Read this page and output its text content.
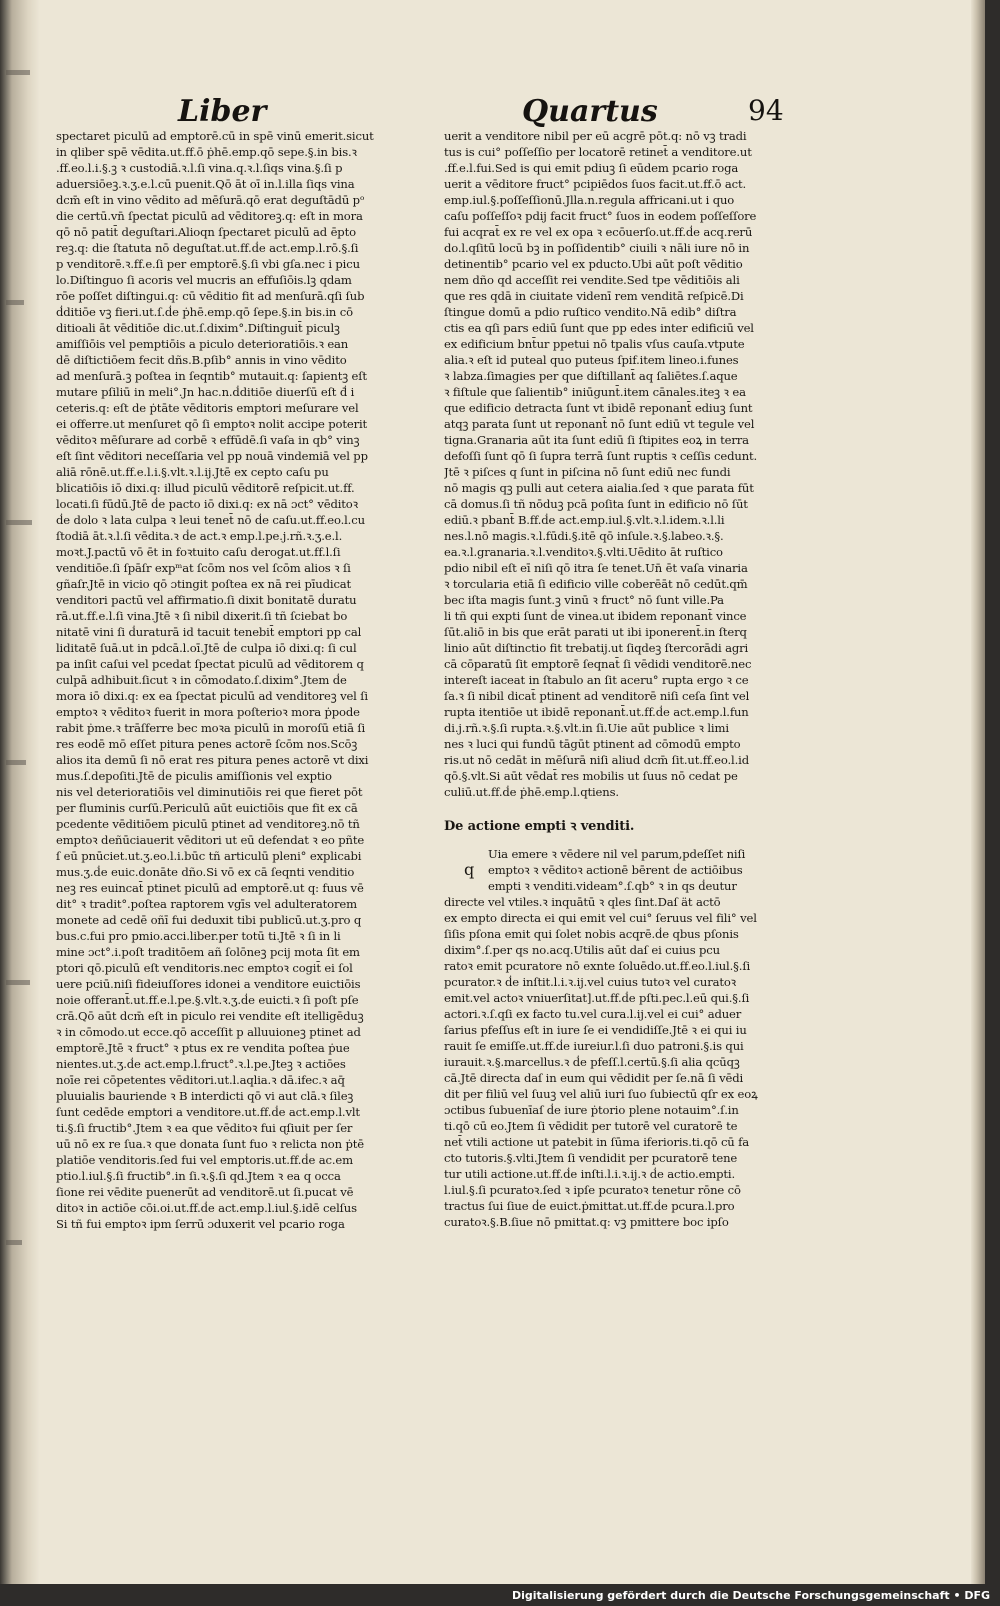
Liber	Quartus	94
spectaret piculū ad emptorē.cū in spē vinū emerit.sicut
in qliber spē vēdita.ut.ff.ō ṗhē.emp.qō sepe.§.in bis.ꝛ
.ff.eo.l.i.§.ꝫ ꝛ custodiā.ꝛ.l.ſi vina.q.ꝛ.l.ſiqs vina.§.ſi p
aduersiōeꝫ.ꝛ.ʒ.e.l.cū puenit.Qō āt oī in.l.illa ſiqs vina
dcm̄ eſt in vino vēdito ad mēſurā.qō erat deguſtādū pᵒ
die certū.vn̄ ſpectat piculū ad vēditoreꝫ.q: eſt in mora
qō nō patit̄ deguſtari.Alioqn ſpectaret piculū ad ēpto
reꝫ.q: die ſtatuta nō deguſtat.ut.ff.ḋe act.emp.l.rō.§.ſi
p venditorē.ꝛ.ff.e.ſi per emptorē.§.ſi vbi gſa.nec i picu
lo.Diſtinguo ſi acoris vel mucris an effuſiōis.lꝫ qdam
rōe poſſet diſtingui.q: cū vēditio fit ad menſurā.qſi ſub
ḋditiōe vꝫ fieri.ut.ſ.ḋe ṗhē.emp.qō ſepe.§.in bis.in cō
ditioali āt vēditiōe dic.ut.ſ.dixim°.Diſtinguit̄ piculꝫ
amiſſiōis vel pemptiōis a piculo deterioratiōis.ꝛ ean
dē diſtictiōem fecit dñs.B.pſib° annis in vino vēdito
ad menſurā.ꝫ poſtea in ſeqntib° mutauit.q: ſapientꝫ eſt
mutare pſiliū in meli°.Jn hac.n.ḋditiōe diuerſū eſt ḋ̄ i
ceteris.q: eſt de ṗtāte vēditoris emptori meſurare vel
ei offerre.ut menſuret qō ſi emptoꝛ nolit accipe poterit
vēditoꝛ mēſurare ad corbē ꝛ effūdē.ſi vaſa in qb° vinꝫ
eſt ſint vēditori neceſſaria vel pp nouā vindemiā vel pp
aliā rōnē.ut.ff.e.l.i.§.vlt.ꝛ.l.ij.Jtē ex cepto caſu pu
blicatiōis iō dixi.q: illud piculū vēditorē reſpicit.ut.ff.
locati.ſi fūdū.Jtē ḋe pacto iō dixi.q: ex nā ɔct° vēditoꝛ
ḋe dolo ꝛ lata culpa ꝛ leui tenet̄ nō ḋe caſu.ut.ff.eo.l.cu
ſtodiā āt.ꝛ.l.ſi vēdita.ꝛ ḋe act.ꝛ emp.l.pe.j.rñ.ꝛ.ʒ.e.l.
moꝛt.J.pactū vō ēt in foꝛtuito caſu derogat.ut.ff.l.ſi
venditiōe.ſi ſpāſr expᵐat ſcōm nos vel ſcōm alios ꝛ ſi
gñaſr.Jtē in vicio qō ɔtingit poſtea ex nā rei pīudicat
venditori pactū vel affirmatio.ſi dixit bonitatē ḋuratu
rā.ut.ff.e.l.ſi vina.Jtē ꝛ ſi nibil dixerit.ſi tñ ſciebat bo
nitatē vini ſi ḋuraturā id tacuit tenebit̄ emptori pp cal
liditatē ſuā.ut in pdcā.l.oī.Jtē ḋe culpa iō dixi.q: ſi cul
pa inſit caſui vel pcedat ſpectat piculū ad vēditorem q
culpā adhibuit.ſicut ꝛ in cōmodato.ſ.dixim°.Jtem ḋe
mora iō dixi.q: ex ea ſpectat piculū ad venditoreꝫ vel ſi
emptoꝛ ꝛ vēditoꝛ fuerit in mora poſterioꝛ mora ṗpode
rabit ṗme.ꝛ trāſferre bec moꝛa piculū in moroſū etiā ſi
res eodē mō eſſet pitura penes actorē ſcōm nos.Scōꝫ
alios ita demū ſi nō erat res pitura penes actorē vt dixi
mus.ſ.depoſiti.Jtē ḋe piculis amiſſionis vel exptio
nis vel deterioratiōis vel diminutiōis rei que fieret pōt
per fluminis curſū.Periculū aūt euictiōis que fit ex cā
pcedente vēditiōem piculū ptinet ad venditoreꝫ.nō tñ
emptoꝛ deñūciauerit vēditori ut eū defendat ꝛ eo pñte
ſ eū pnūciet.ut.ʒ.eo.l.i.būc tñ articulū pleni° explicabi
mus.ʒ.ḋe euic.donāte dño.Si vō ex cā ſeqnti venditio
neꝫ res euincat̄ ptinet piculū ad emptorē.ut q: fuus vē
dit° ꝛ tradit°.poſtea raptorem vgīs vel adulteratorem
monete ad cedē oñī fui deduxit tibi publicū.ut.ʒ.pro q
bus.c.fui pro pmio.acci.liber.per totū ti.Jtē ꝛ ſi in li
mine ɔct°.i.poſt traditōem añ ſolōneꝫ pcij mota ſit em
ptori qō.piculū eſt venditoris.nec emptoꝛ cogit̄ ei ſol
uere pciū.niſi fideiuſſores idonei a venditore euictiōis
noie offerant̄.ut.ff.e.l.pe.§.vlt.ꝛ.ʒ.ḋe euicti.ꝛ ſi poſt pſe
crā.Qō aūt dcm̄ eſt in piculo rei vendite eſt itelligēduꝫ
ꝛ in cōmodo.ut ecce.qō acceſſit p alluuioneꝫ ptinet ad
emptorē.Jtē ꝛ fruct° ꝛ ptus ex re vendita poſtea ṗue
nientes.ut.ʒ.ḋe act.emp.l.fruct°.ꝛ.l.pe.Jteꝫ ꝛ actiōes
noīe rei cōpetentes vēditori.ut.l.aqlia.ꝛ dā.ifec.ꝛ aq̄
pluuialis bauriende ꝛ B interdicti qō vi aut clā.ꝛ ſileꝫ
ſunt cedēde emptori a venditore.ut.ff.ḋe act.emp.l.vlt
ti.§.ſi fructib°.Jtem ꝛ ea que vēditoꝛ fui ɋſiuit per ſer
uū nō ex re ſua.ꝛ que donata ſunt fuo ꝛ relicta non ṗtē
platiōe venditoris.ſed fui vel emptoris.ut.ff.ḋe ac.em
ptio.l.iul.§.ſi fructib°.in ſi.ꝛ.§.ſi qd.Jtem ꝛ ea q occa
ſione rei vēdite puenerūt ad venditorē.ut ſi.pucat vē
ditoꝛ in actiōe cōi.oi.ut.ff.ḋe act.emp.l.iul.§.idē celſus
Si tñ fui emptoꝛ ipm ſerrū ɔduxerit vel pcario roga
uerit a venditore nibil per eū acgrē pōt.q: nō vꝫ tradi
tus is cui° poſſeſſio per locatorē retinet̄ a venditore.ut
.ff.e.l.fui.Sed is qui emit pdiuꝫ ſi eūdem pcario roga
uerit a vēditore fruct° pcipiēdos ſuos facit.ut.ff.ō act.
emp.iul.§.poſſeſſionū.Jlla.n.regula affricani.ut i quo
caſu poſſeſſoꝛ pdij facit fruct° ſuos in eodem poſſeſſore
fui acqrat̄ ex re vel ex opa ꝛ ecōuerſo.ut.ff.ḋe acq.rerū
do.l.qſitū locū bꝫ in poſſidentib° ciuili ꝛ nāli iure nō in
detinentib° pcario vel ex pducto.Ubi aūt poſt vēditio
nem dño qd acceſſit rei vendite.Sed tpe vēditiōis ali
que res qdā in ciuitate videnī rem venditā reſpicē.Di
ſtingue domū a pdio ruſtico vendito.Nā edib° diſtra
ctis ea qſi pars ediū ſunt que pp edes inter edificiū vel
ex edificium bnt̄ur ppetui nō tpalis vſus cauſa.vtpute
alia.ꝛ eſt id puteal quo puteus ſpif.item lineo.i.funes
ꝛ labza.ſimagies per que diſtillant̄ aq ſaliētes.ſ.aque
ꝛ fiſtule que ſalientib° iniūgunt̄.item cānales.iteꝫ ꝛ ea
que edificio detracta ſunt vt ibidē reponant̄ ediuꝫ ſunt
atqꝫ parata ſunt ut reponant̄ nō ſunt ediū vt tegule vel
tigna.Granaria aūt ita ſunt ediū ſi ſtipites eoꝝ in terra
defoſſi ſunt qō ſi ſupra terrā ſunt ruptis ꝛ ceſſis cedunt.
Jtē ꝛ piſces q ſunt in piſcina nō ſunt ediū nec fundi
nō magis qꝫ pulli aut cetera aialia.ſed ꝛ que parata fūt
cā domus.ſi tñ nōduꝫ pcā poſita ſunt in edificio nō ſūt
ediū.ꝛ pbant̄ B.ff.ḋe act.emp.iul.§.vlt.ꝛ.l.idem.ꝛ.l.li
nes.l.nō magis.ꝛ.l.fūdi.§.itē qō inſule.ꝛ.§.labeo.ꝛ.§.
ea.ꝛ.l.granaria.ꝛ.l.venditoꝛ.§.vlti.Uēdito āt ruſtico
pdio nibil eſt eī niſi qō itra ſe tenet.Un̄ ēt vaſa vinaria
ꝛ torcularia etiā ſi edificio ville coberēāt nō cedūt.qm̄
bec iſta magis ſunt.ꝫ vinū ꝛ fruct° nō ſunt ville.Pa
li tñ qui expti ſunt ḋe vinea.ut ibidem reponant̄ vince
ſūt.aliō in bis que erāt parati ut ibi iponerent̄.in ſterq
linio aūt diſtinctio fit trebatij.ut ſiqdeꝫ ſtercorādi agri
cā cōparatū ſit emptorē ſeqnat̄ ſi vēdidi venditorē.nec
intereſt iaceat in ſtabulo an ſit aceru° rupta ergo ꝛ ce
ſa.ꝛ ſi nibil dicat̄ ptinent ad venditorē niſi ceſa ſint vel
rupta itentiōe ut ibidē reponant̄.ut.ff.ḋe act.emp.l.fun
di.j.rñ.ꝛ.§.ſi rupta.ꝛ.§.vlt.in ſi.Uie aūt publice ꝛ limi
nes ꝛ luci qui fundū tāgūt ptinent ad cōmodū empto
ris.ut nō cedāt in mēſurā niſi aliud dcm̄ ſit.ut.ff.eo.l.id
qō.§.vlt.Si aūt vēdat̄ res mobilis ut ſuus nō cedat pe
culiū.ut.ff.ḋe ṗhē.emp.l.qtiens.
De actione empti ꝛ venditi.
q
Uia emere ꝛ vēdere nil vel parum,pdeſſet niſi
emptoꝛ ꝛ vēditoꝛ actionē bērent ḋe actiōibus
empti ꝛ venditi.videam°.ſ.qb° ꝛ in qs ḋeutur
directe vel vtiles.ꝛ inquātū ꝛ qles ſint.Daſ ät actō
ex empto directa ei qui emit vel cui° ſeruus vel fili° vel
ſiſis pſona emit qui ſolet nobis acqrē.ḋe qbus pſonis
dixim°.ſ.per qs no.acq.Utilis aūt daſ ei cuius pcu
ratoꝛ emit pcuratore nō exnte ſoluēdo.ut.ff.eo.l.iul.§.ſi
pcurator.ꝛ ḋe inſtit.l.i.ꝛ.ij.vel cuius tutoꝛ vel curatoꝛ
emit.vel actoꝛ vniuerſitat].ut.ff.ḋe pſti.pec.l.eū qui.§.ſi
actori.ꝛ.ſ.qſi ex facto tu.vel cura.l.ij.vel ei cui° aduer
ſarius pfeſſus eſt in iure ſe ei vendidiſſe.Jtē ꝛ ei qui iu
rauit ſe emiſſe.ut.ff.ḋe iureiur.l.ſi duo patroni.§.is qui
iurauit.ꝛ.§.marcellus.ꝛ ḋe pfeſſ.l.certū.§.ſi alia qcūqꝫ
cā.Jtē directa daſ in eum qui vēdidit per ſe.nā ſi vēdi
dit per filiū vel ſuuꝫ vel aliū iuri ſuo ſubiectū qſr ex eoꝝ
ɔctibus ſubuenīaſ ḋe iure ṗtorio plene notauim°.ſ.in
ti.qō cū eo.Jtem ſi vēdidit per tutorē vel curatorē te
net̄ vtili actione ut patebit in ſūma iferioris.ti.qō cū fa
cto tutoris.§.vlti.Jtem ſi vendidit per pcuratorē tene
tur utili actione.ut.ff.ḋe inſti.l.i.ꝛ.ij.ꝛ ḋe actio.empti.
l.iul.§.ſi pcuratoꝛ.ſed ꝛ ipſe pcuratoꝛ tenetur rōne cō
tractus ſui ſiue ḋe euict.ṗmittat.ut.ff.ḋe pcura.l.pro
curatoꝛ.§.B.ſiue nō pmittat.q: vꝫ pmittere boc ipſo
Digitalisierung gefördert durch die Deutsche Forschungsgemeinschaft • DFG
